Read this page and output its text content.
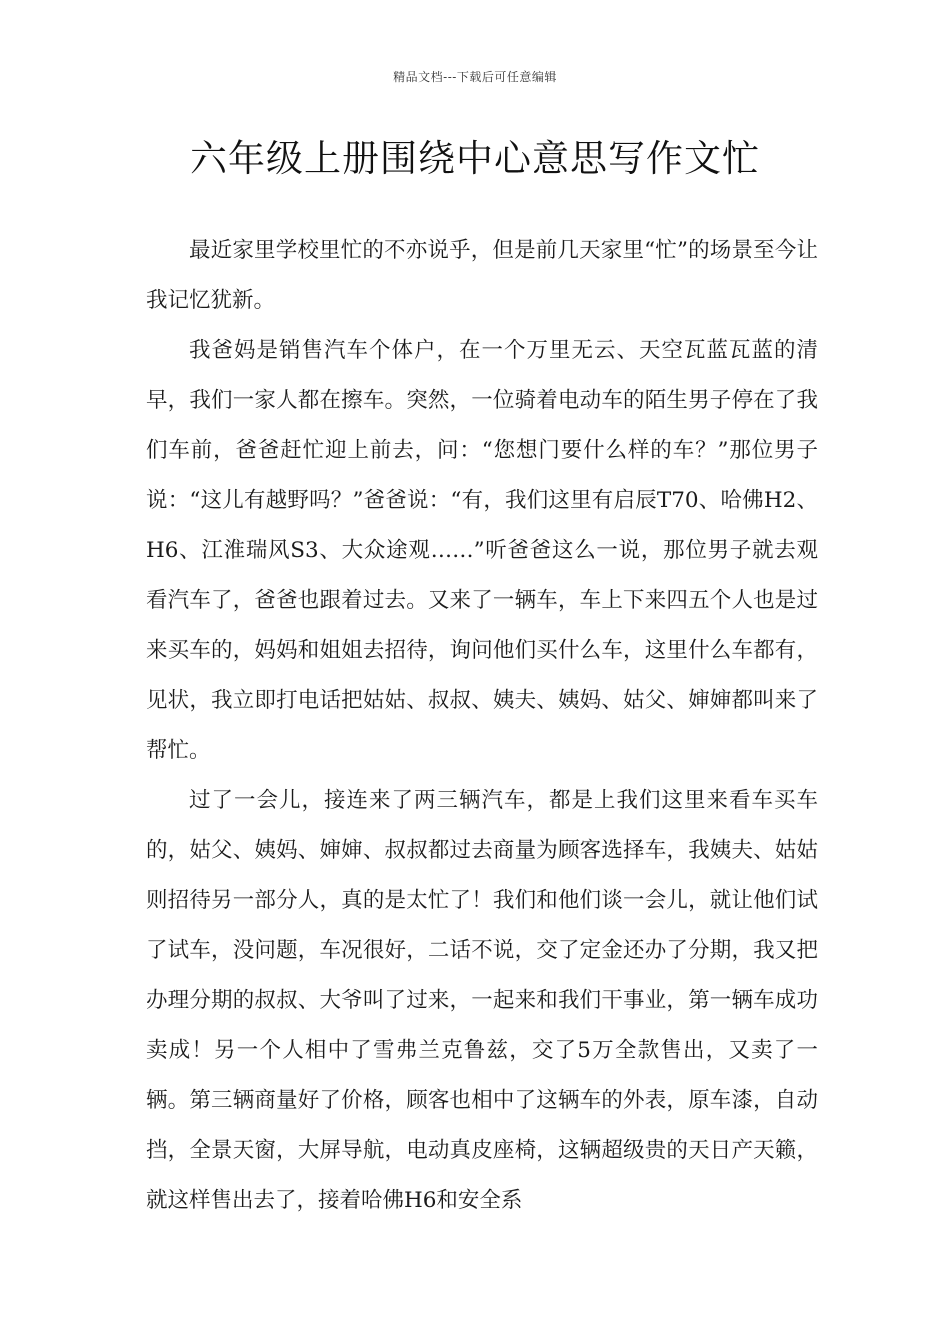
精品文档---下载后可任意编辑
六年级上册围绕中心意思写作文忙

最近家里学校里忙的不亦说乎，但是前几天家里“忙”的场景至今让我记忆犹新。

我爸妈是销售汽车个体户，在一个万里无云、天空瓦蓝瓦蓝的清早，我们一家人都在擦车。突然，一位骑着电动车的陌生男子停在了我们车前，爸爸赶忙迎上前去，问：“您想门要什么样的车？”那位男子说：“这儿有越野吗？”爸爸说：“有，我们这里有启辰T70、哈佛H2、H6、江淮瑞风S3、大众途观……”听爸爸这么一说，那位男子就去观看汽车了，爸爸也跟着过去。又来了一辆车，车上下来四五个人也是过来买车的，妈妈和姐姐去招待，询问他们买什么车，这里什么车都有，见状，我立即打电话把姑姑、叔叔、姨夫、姨妈、姑父、婶婶都叫来了帮忙。

过了一会儿，接连来了两三辆汽车，都是上我们这里来看车买车的，姑父、姨妈、婶婶、叔叔都过去商量为顾客选择车，我姨夫、姑姑则招待另一部分人，真的是太忙了！我们和他们谈一会儿，就让他们试了试车，没问题，车况很好，二话不说，交了定金还办了分期，我又把办理分期的叔叔、大爷叫了过来，一起来和我们干事业，第一辆车成功卖成！另一个人相中了雪弗兰克鲁兹，交了5万全款售出，又卖了一辆。第三辆商量好了价格，顾客也相中了这辆车的外表，原车漆，自动挡，全景天窗，大屏导航，电动真皮座椅，这辆超级贵的天日产天籁，就这样售出去了，接着哈佛H6和安全系
